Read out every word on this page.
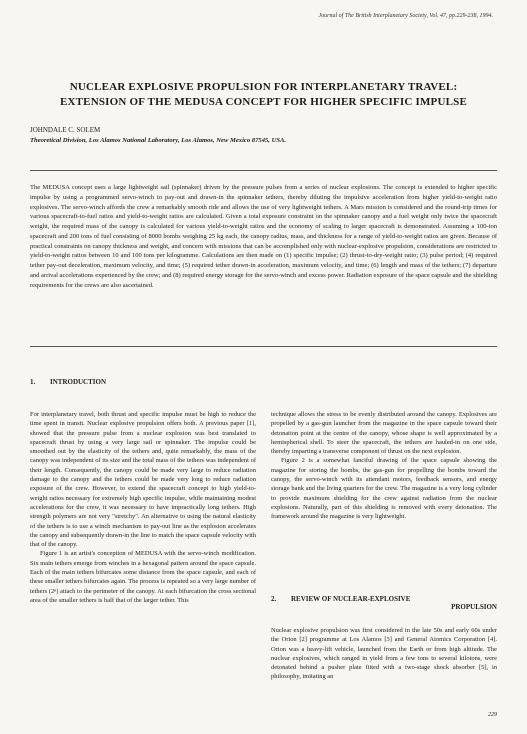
Journal of The British Interplanetary Society, Vol. 47, pp.229-238, 1994.
NUCLEAR EXPLOSIVE PROPULSION FOR INTERPLANETARY TRAVEL:
EXTENSION OF THE MEDUSA CONCEPT FOR HIGHER SPECIFIC IMPULSE
JOHNDALE C. SOLEM
Theoretical Division, Los Alamos National Laboratory, Los Alamos, New Mexico 87545, USA.
The MEDUSA concept uses a large lightweight sail (spinnaker) driven by the pressure pulses from a series of nuclear explosions. The concept is extended to higher specific impulse by using a programmed servo-winch to pay-out and drawn-in the spinnaker tethers, thereby diluting the impulsive acceleration from higher yield-to-weight ratio explosives. The servo-winch affords the crew a remarkably smooth ride and allows the use of very lightweight tethers. A Mars mission is considered and the round-trip times for various spacecraft-to-fuel ratios and yield-to-weight ratios are calculated. Given a total exposure constraint on the spinnaker canopy and a fuel weight only twice the spacecraft weight, the required mass of the canopy is calculated for various yield-to-weight ratios and the economy of scaling to larger spacecraft is demonstrated. Assuming a 100-ton spacecraft and 200 tons of fuel consisting of 8000 bombs weighing 25 kg each, the canopy radius, mass, and thickness for a range of yield-to-weight ratios are given. Because of practical constraints on canopy thickness and weight, and concern with missions that can be accomplished only with nuclear-explosive propulsion, considerations are restricted to yield-to-weight ratios between 10 and 100 tons per kilogramme. Calculations are then made on (1) specific impulse; (2) thrust-to-dry-weight ratio; (3) pulse period; (4) required tether pay-out deceleration, maximum velocity, and time; (5) required tether drawn-in acceleration, maximum velocity, and time; (6) length and mass of the tethers; (7) departure and arrival accelerations experienced by the crew; and (8) required energy storage for the servo-winch and excess power. Radiation exposure of the space capsule and the shielding requirements for the crews are also ascertained.
1. INTRODUCTION

For interplanetary travel, both thrust and specific impulse must be high to reduce the time spent in transit. Nuclear explosive propulsion offers both. A previous paper [1], showed that the pressure pulse from a nuclear explosion was best translated to spacecraft thrust by using a very large sail or spinnaker. The impulse could be smoothed out by the elasticity of the tethers and, quite remarkably, the mass of the canopy was independent of its size and the total mass of the tethers was independent of their length. Consequently, the canopy could be made very large to reduce radiation damage to the canopy and the tethers could be made very long to reduce radiation exposure of the crew. However, to extend the spacecraft concept to high yield-to-weight ratios necessary for extremely high specific impulse, while maintaining modest accelerations for the crew, it was necessary to have impractically long tethers. High strength polymers are not very "stretchy". An alternative to using the natural elasticity of the tethers is to use a winch mechanism to pay-out line as the explosion accelerates the canopy and subsequently drawn-in the line to match the space capsule velocity with that of the canopy.

Figure 1 is an artist's conception of MEDUSA with the servo-winch modification. Six main tethers emerge from winches in a hexagonal pattern around the space capsule. Each of the main tethers bifurcates some distance from the space capsule, and each of these smaller tethers bifurcates again. The process is repeated so a very large number of tethers (2ⁿ) attach to the perimeter of the canopy. At each bifurcation the cross sectional area of the smaller tethers is half that of the larger tether. This

technique allows the stress to be evenly distributed around the canopy. Explosives are propelled by a gas-gun launcher from the magazine in the space capsule toward their detonation point at the centre of the canopy, whose shape is well approximated by a hemispherical shell. To steer the spacecraft, the tethers are hauled-in on one side, thereby imparting a transverse component of thrust on the next explosion.

Figure 2 is a somewhat fanciful drawing of the space capsule showing the magazine for storing the bombs, the gas-gun for propelling the bombs toward the canopy, the servo-winch with its attendant motors, feedback sensors, and energy storage bank and the living quarters for the crew. The magazine is a very long cylinder to provide maximum shielding for the crew against radiation from the nuclear explosions. Naturally, part of this shielding is removed with every detonation. The framework around the magazine is very lightweight.

2.	REVIEW OF NUCLEAR-EXPLOSIVE
PROPULSION

Nuclear explosive propulsion was first considered in the late 50s and early 60s under the Orion [2] programme at Los Alamos [3] and General Atomics Corporation [4]. Orion was a heavy-lift vehicle, launched from the Earth or from high altitude. The nuclear explosives, which ranged in yield from a few tons to several kilotons, were detonated behind a pusher plate fitted with a two-stage shock absorber [5], in philosophy, imitating an

229
